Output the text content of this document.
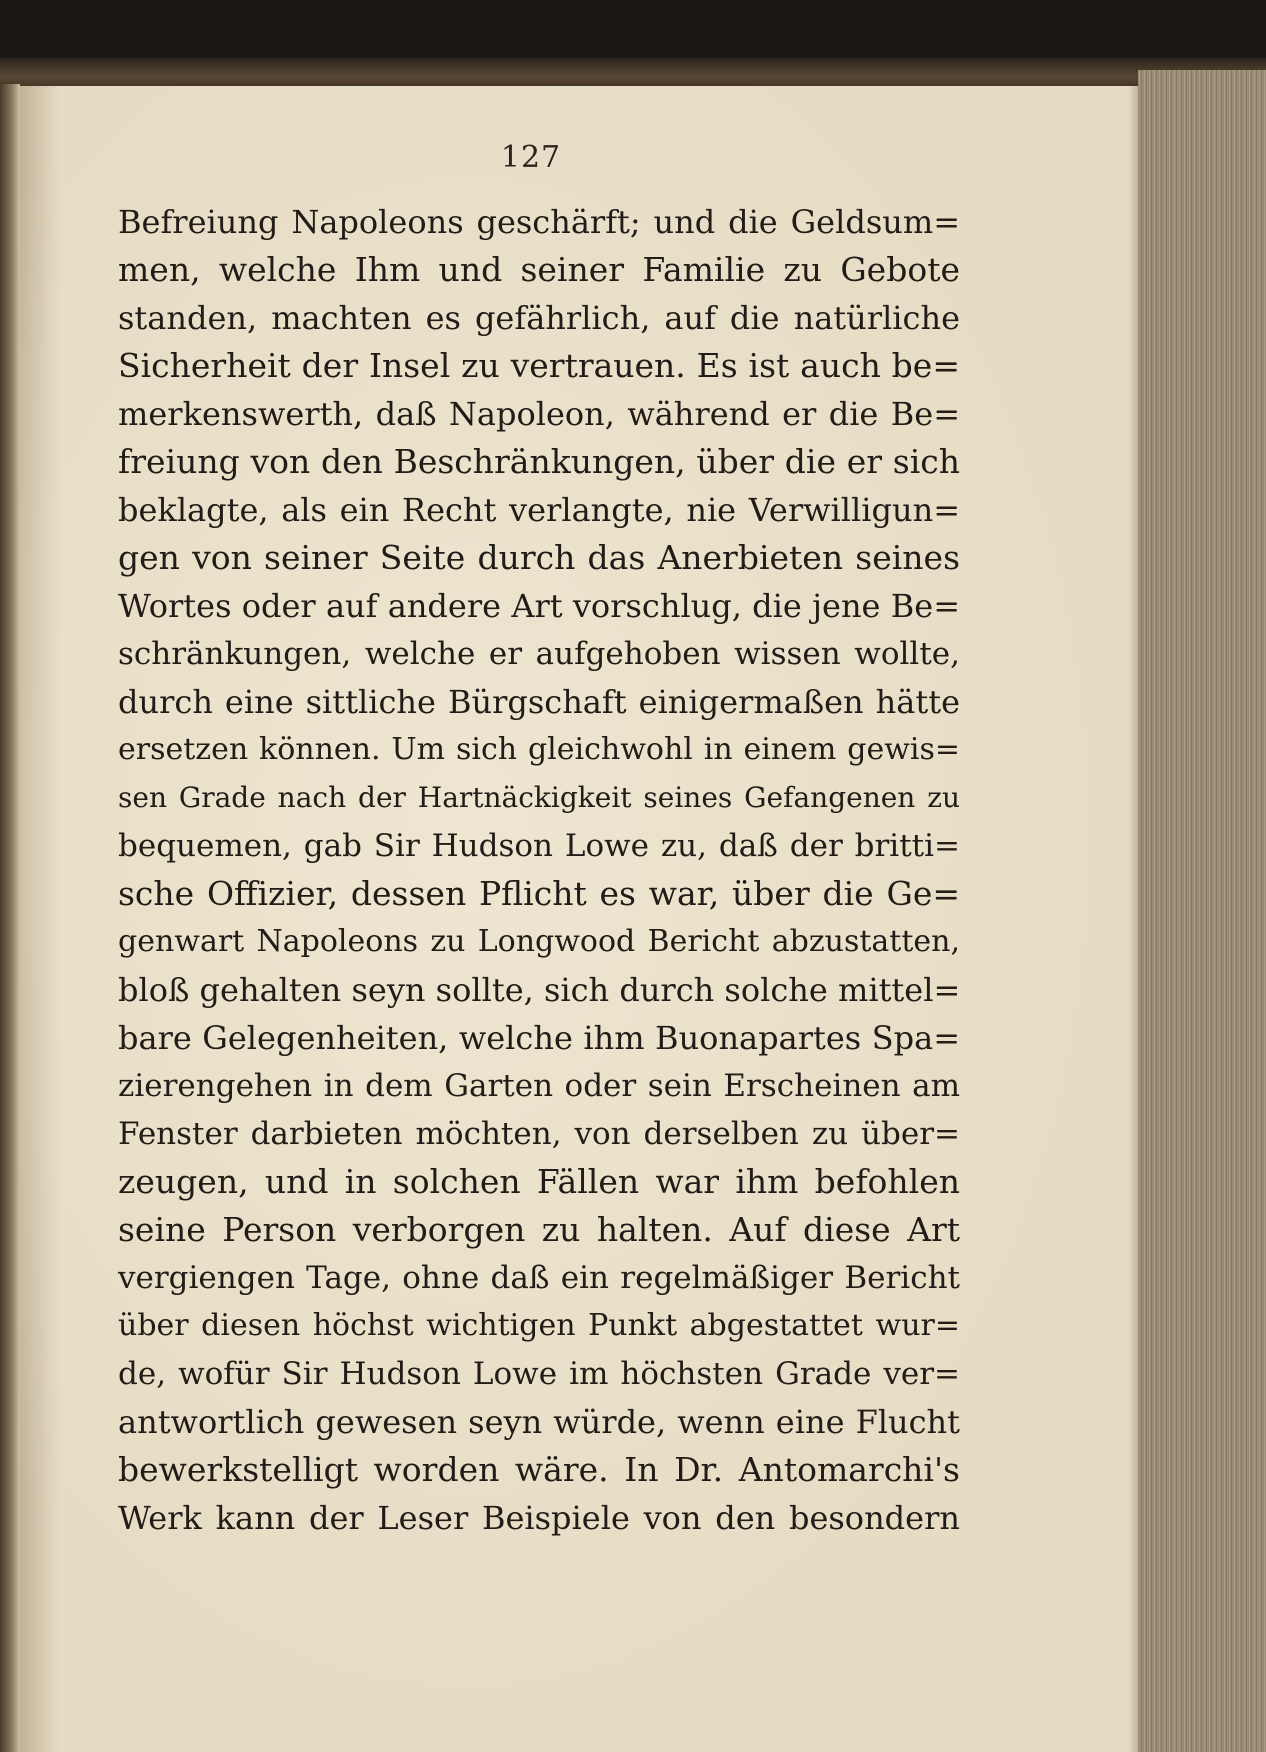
127
Befreiung Napoleons geschärft; und die Geldsum=
men, welche Ihm und seiner Familie zu Gebote
standen, machten es gefährlich, auf die natürliche
Sicherheit der Insel zu vertrauen. Es ist auch be=
merkenswerth, daß Napoleon, während er die Be=
freiung von den Beschränkungen, über die er sich
beklagte, als ein Recht verlangte, nie Verwilligun=
gen von seiner Seite durch das Anerbieten seines
Wortes oder auf andere Art vorschlug, die jene Be=
schränkungen, welche er aufgehoben wissen wollte,
durch eine sittliche Bürgschaft einigermaßen hätte
ersetzen können. Um sich gleichwohl in einem gewis=
sen Grade nach der Hartnäckigkeit seines Gefangenen zu
bequemen, gab Sir Hudson Lowe zu, daß der britti=
sche Offizier, dessen Pflicht es war, über die Ge=
genwart Napoleons zu Longwood Bericht abzustatten,
bloß gehalten seyn sollte, sich durch solche mittel=
bare Gelegenheiten, welche ihm Buonapartes Spa=
zierengehen in dem Garten oder sein Erscheinen am
Fenster darbieten möchten, von derselben zu über=
zeugen, und in solchen Fällen war ihm befohlen
seine Person verborgen zu halten. Auf diese Art
vergiengen Tage, ohne daß ein regelmäßiger Bericht
über diesen höchst wichtigen Punkt abgestattet wur=
de, wofür Sir Hudson Lowe im höchsten Grade ver=
antwortlich gewesen seyn würde, wenn eine Flucht
bewerkstelligt worden wäre. In Dr. Antomarchi's
Werk kann der Leser Beispiele von den besondern
